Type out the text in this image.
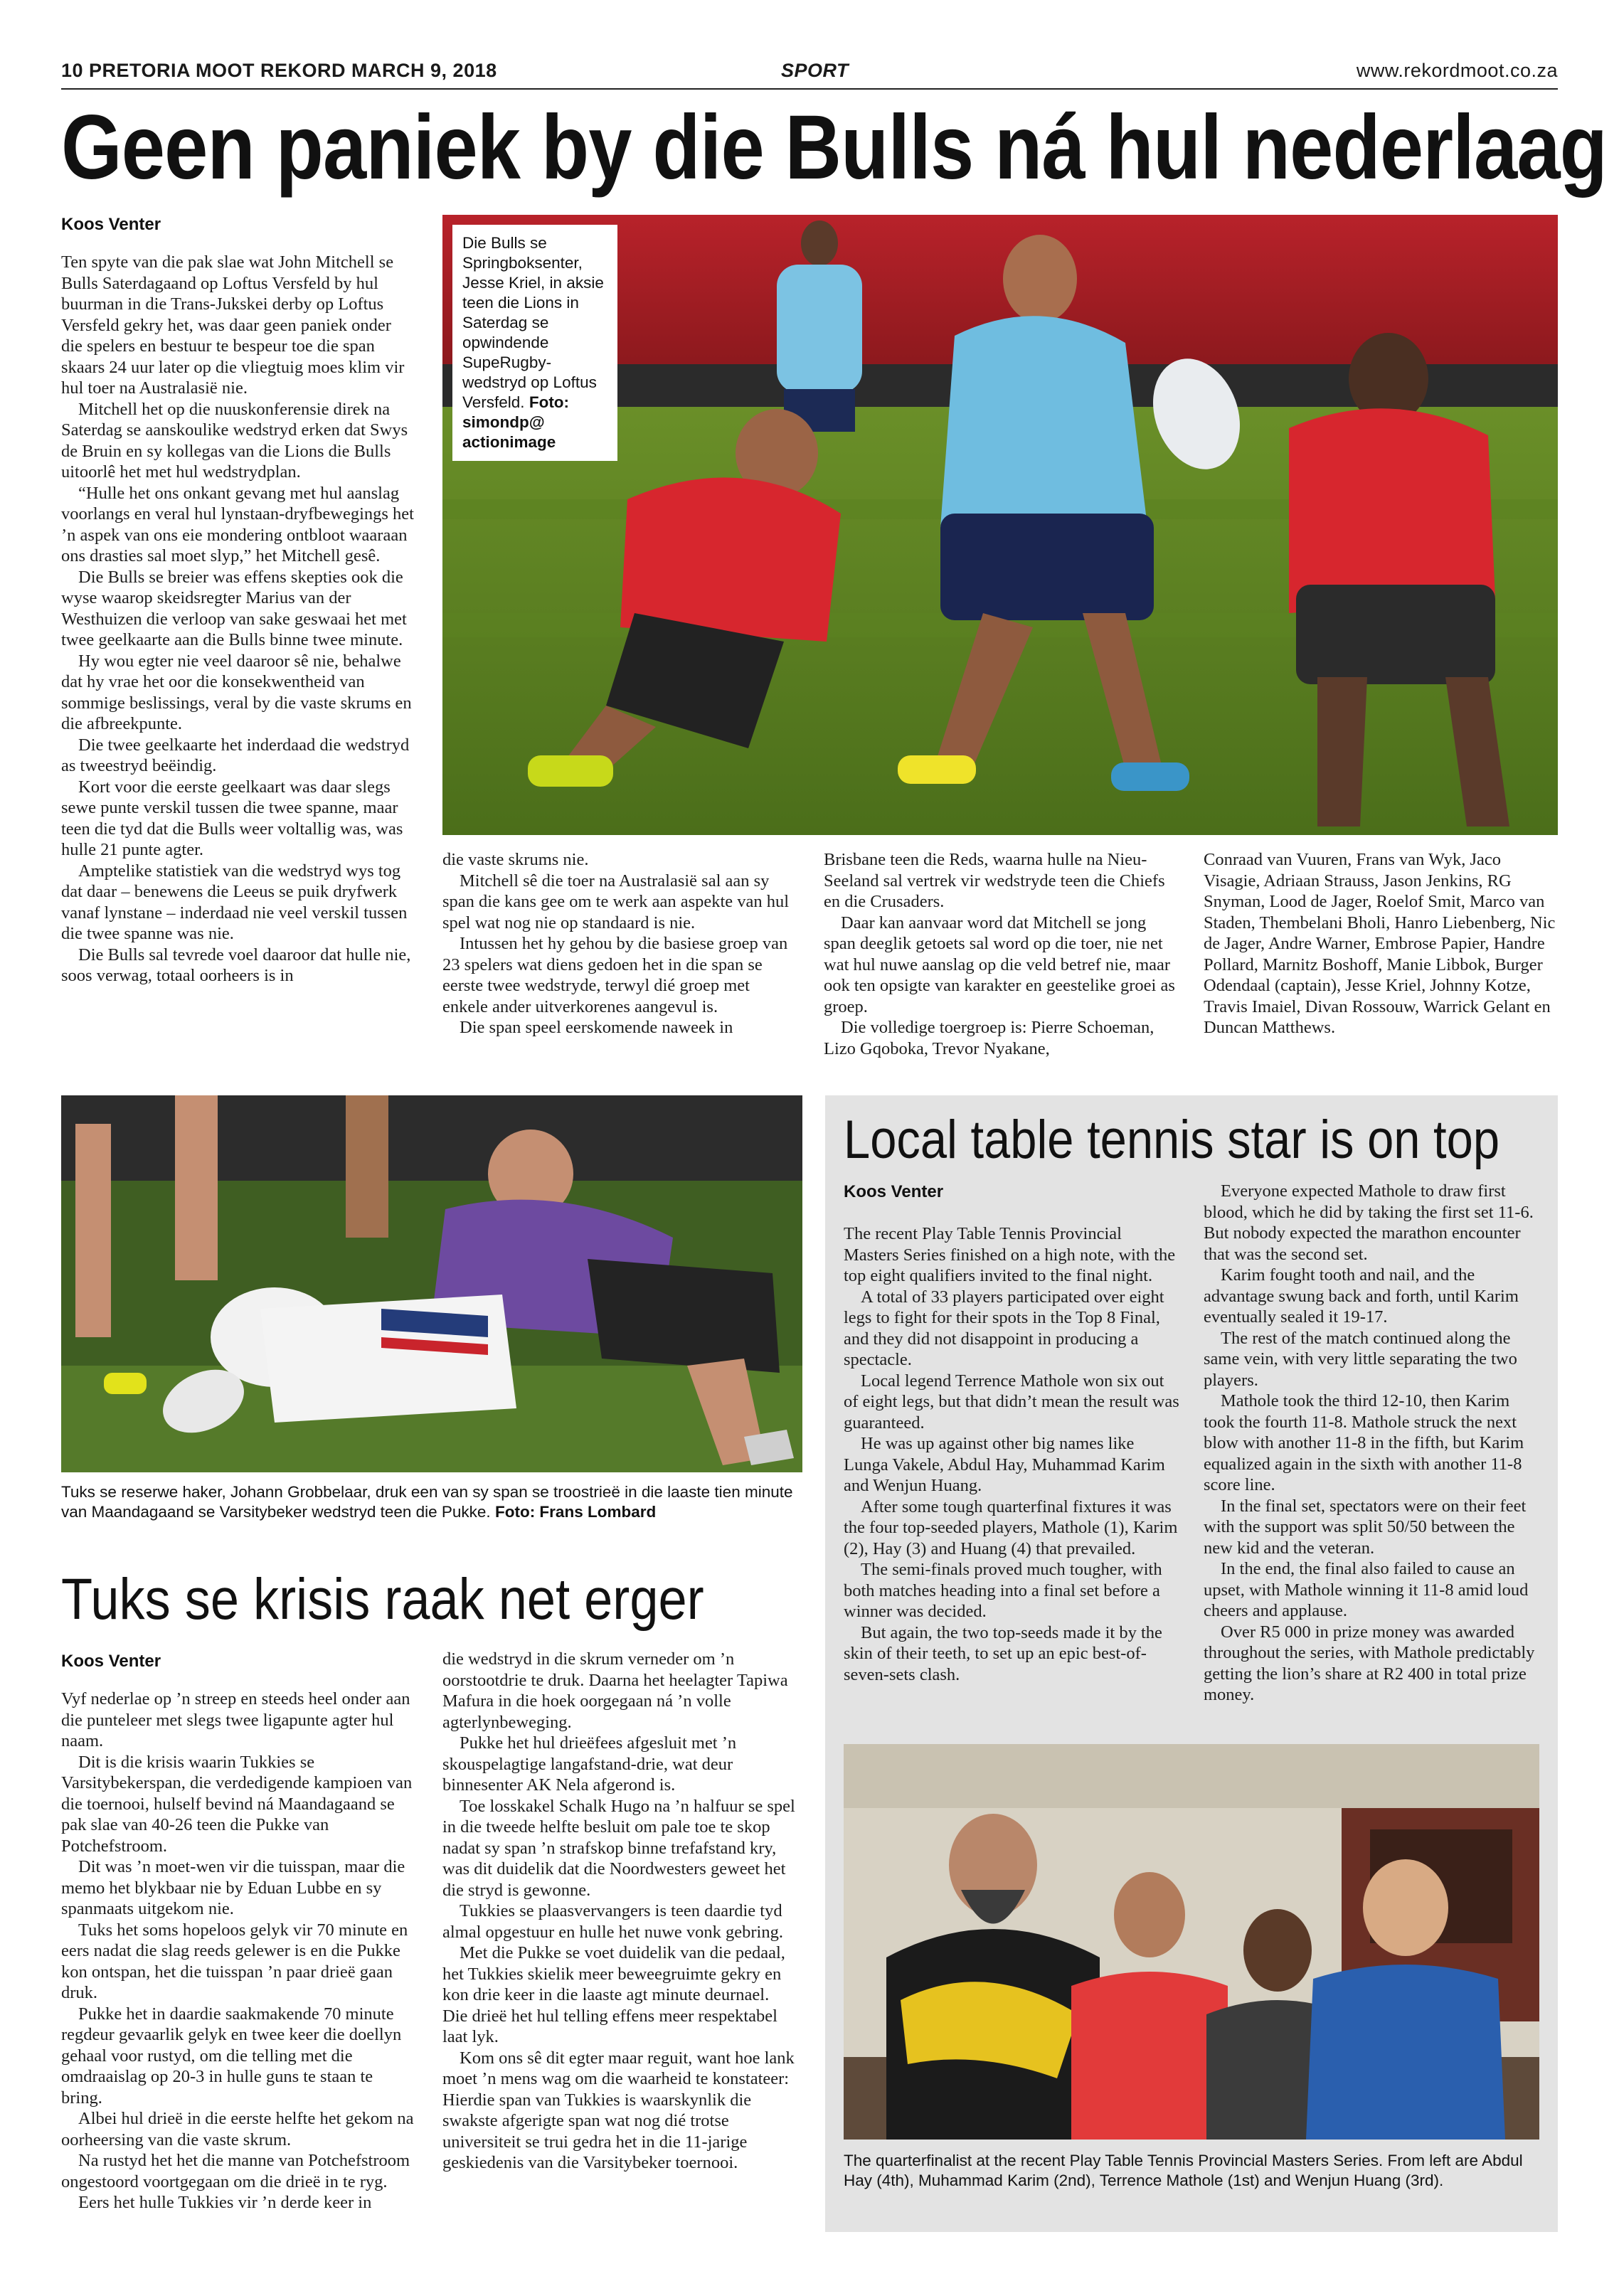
10 PRETORIA MOOT REKORD MARCH 9, 2018	SPORT	www.rekordmoot.co.za
Geen paniek by die Bulls ná hul nederlaag
Koos Venter

Ten spyte van die pak slae wat John Mitchell se Bulls Saterdagaand op Loftus Versfeld by hul buurman in die Trans-Jukskei derby op Loftus Versfeld gekry het, was daar geen paniek onder die spelers en bestuur te bespeur toe die span skaars 24 uur later op die vliegtuig moes klim vir hul toer na Australasië nie.

Mitchell het op die nuuskonferensie direk na Saterdag se aanskoulike wedstryd erken dat Swys de Bruin en sy kollegas van die Lions die Bulls uitoorlê het met hul wedstrydplan.

“Hulle het ons onkant gevang met hul aanslag voorlangs en veral hul lynstaan-dryfbewegings het ’n aspek van ons eie mondering ontbloot waaraan ons drasties sal moet slyp,” het Mitchell gesê.

Die Bulls se breier was effens skepties ook die wyse waarop skeidsregter Marius van der Westhuizen die verloop van sake geswaai het met twee geelkaarte aan die Bulls binne twee minute.

Hy wou egter nie veel daaroor sê nie, behalwe dat hy vrae het oor die konsekwentheid van sommige beslissings, veral by die vaste skrums en die afbreekpunte.

Die twee geelkaarte het inderdaad die wedstryd as tweestryd beëindig.

Kort voor die eerste geelkaart was daar slegs sewe punte verskil tussen die twee spanne, maar teen die tyd dat die Bulls weer voltallig was, was hulle 21 punte agter.

Amptelike statistiek van die wedstryd wys tog dat daar – benewens die Leeus se puik dryfwerk vanaf lynstane – inderdaad nie veel verskil tussen die twee spanne was nie.

Die Bulls sal tevrede voel daaroor dat hulle nie, soos verwag, totaal oorheers is in

Die Bulls se Springboksenter, Jesse Kriel, in aksie teen die Lions in Saterdag se opwindende SupeRugby-wedstryd op Loftus Versfeld. Foto: simondp@ actionimage

die vaste skrums nie.

Mitchell sê die toer na Australasië sal aan sy span die kans gee om te werk aan aspekte van hul spel wat nog nie op standaard is nie.

Intussen het hy gehou by die basiese groep van 23 spelers wat diens gedoen het in die span se eerste twee wedstryde, terwyl dié groep met enkele ander uitverkorenes aangevul is.

Die span speel eerskomende naweek in

Brisbane teen die Reds, waarna hulle na Nieu-Seeland sal vertrek vir wedstryde teen die Chiefs en die Crusaders.

Daar kan aanvaar word dat Mitchell se jong span deeglik getoets sal word op die toer, nie net wat hul nuwe aanslag op die veld betref nie, maar ook ten opsigte van karakter en geestelike groei as groep.

Die volledige toergroep is: Pierre Schoeman, Lizo Gqoboka, Trevor Nyakane,

Conraad van Vuuren, Frans van Wyk, Jaco Visagie, Adriaan Strauss, Jason Jenkins, RG Snyman, Lood de Jager, Roelof Smit, Marco van Staden, Thembelani Bholi, Hanro Liebenberg, Nic de Jager, Andre Warner, Embrose Papier, Handre Pollard, Marnitz Boshoff, Manie Libbok, Burger Odendaal (captain), Jesse Kriel, Johnny Kotze, Travis Imaiel, Divan Rossouw, Warrick Gelant en Duncan Matthews.

Tuks se reserwe haker, Johann Grobbelaar, druk een van sy span se troostrieë in die laaste tien minute van Maandagaand se Varsitybeker wedstryd teen die Pukke. Foto: Frans Lombard
Tuks se krisis raak net erger
Koos Venter

Vyf nederlae op ’n streep en steeds heel onder aan die punteleer met slegs twee ligapunte agter hul naam.

Dit is die krisis waarin Tukkies se Varsitybekerspan, die verdedigende kampioen van die toernooi, hulself bevind ná Maandagaand se pak slae van 40-26 teen die Pukke van Potchefstroom.

Dit was ’n moet-wen vir die tuisspan, maar die memo het blykbaar nie by Eduan Lubbe en sy spanmaats uitgekom nie.

Tuks het soms hopeloos gelyk vir 70 minute en eers nadat die slag reeds gelewer is en die Pukke kon ontspan, het die tuisspan ’n paar drieë gaan druk.

Pukke het in daardie saakmakende 70 minute regdeur gevaarlik gelyk en twee keer die doellyn gehaal voor rustyd, om die telling met die omdraaislag op 20-3 in hulle guns te staan te bring.

Albei hul drieë in die eerste helfte het gekom na oorheersing van die vaste skrum.

Na rustyd het het die manne van Potchefstroom ongestoord voortgegaan om die drieë in te ryg.

Eers het hulle Tukkies vir ’n derde keer in

die wedstryd in die skrum verneder om ’n oorstootdrie te druk. Daarna het heelagter Tapiwa Mafura in die hoek oorgegaan ná ’n volle agterlynbeweging.

Pukke het hul drieëfees afgesluit met ’n skouspelagtige langafstand-drie, wat deur binnesenter AK Nela afgerond is.

Toe losskakel Schalk Hugo na ’n halfuur se spel in die tweede helfte besluit om pale toe te skop nadat sy span ’n strafskop binne trefafstand kry, was dit duidelik dat die Noordwesters geweet het die stryd is gewonne.

Tukkies se plaasvervangers is teen daardie tyd almal opgestuur en hulle het nuwe vonk gebring.

Met die Pukke se voet duidelik van die pedaal, het Tukkies skielik meer beweegruimte gekry en kon drie keer in die laaste agt minute deurnael. Die drieë het hul telling effens meer respektabel laat lyk.

Kom ons sê dit egter maar reguit, want hoe lank moet ’n mens wag om die waarheid te konstateer: Hierdie span van Tukkies is waarskynlik die swakste afgerigte span wat nog dié trotse universiteit se trui gedra het in die 11-jarige geskiedenis van die Varsitybeker toernooi.

Local table tennis star is on top
Koos Venter

The recent Play Table Tennis Provincial Masters Series finished on a high note, with the top eight qualifiers invited to the final night.

A total of 33 players participated over eight legs to fight for their spots in the Top 8 Final, and they did not disappoint in producing a spectacle.

Local legend Terrence Mathole won six out of eight legs, but that didn’t mean the result was guaranteed.

He was up against other big names like Lunga Vakele, Abdul Hay, Muhammad Karim and Wenjun Huang.

After some tough quarterfinal fixtures it was the four top-seeded players, Mathole (1), Karim (2), Hay (3) and Huang (4) that prevailed.

The semi-finals proved much tougher, with both matches heading into a final set before a winner was decided.

But again, the two top-seeds made it by the skin of their teeth, to set up an epic best-of-seven-sets clash.

Everyone expected Mathole to draw first blood, which he did by taking the first set 11-6. But nobody expected the marathon encounter that was the second set.

Karim fought tooth and nail, and the advantage swung back and forth, until Karim eventually sealed it 19-17.

The rest of the match continued along the same vein, with very little separating the two players.

Mathole took the third 12-10, then Karim took the fourth 11-8. Mathole struck the next blow with another 11-8 in the fifth, but Karim equalized again in the sixth with another 11-8 score line.

In the final set, spectators were on their feet with the support was split 50/50 between the new kid and the veteran.

In the end, the final also failed to cause an upset, with Mathole winning it 11-8 amid loud cheers and applause.

Over R5 000 in prize money was awarded throughout the series, with Mathole predictably getting the lion’s share at R2 400 in total prize money.

The quarterfinalist at the recent Play Table Tennis Provincial Masters Series. From left are Abdul Hay (4th), Muhammad Karim (2nd), Terrence Mathole (1st) and Wenjun Huang (3rd).
